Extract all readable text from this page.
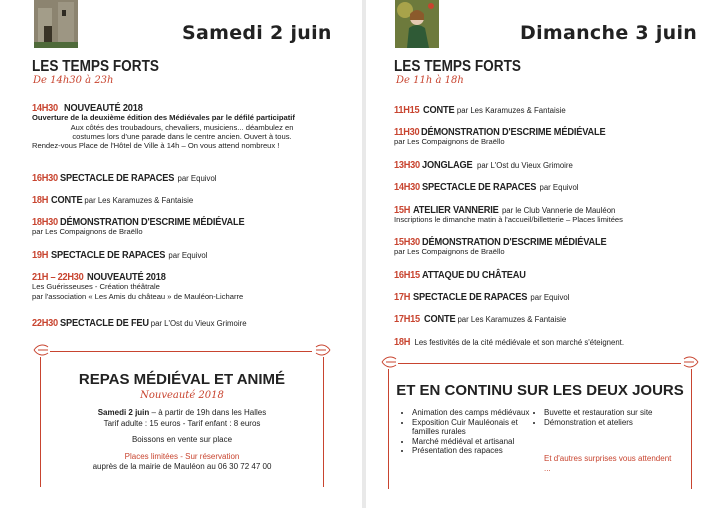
Samedi 2 juin
LES TEMPS FORTS
De 14h30 à 23h
14H30 NOUVEAUTÉ 2018
Ouverture de la deuxième édition des Médiévales par le défilé participatif
Aux côtés des troubadours, chevaliers, musiciens... déambulez en
costumes lors d'une parade dans le centre ancien. Ouvert à tous.
Rendez-vous Place de l'Hôtel de Ville à 14h – On vous attend nombreux !
16H30 SPECTACLE DE RAPACES par Equivol
18H CONTE par Les Karamuzes & Fantaisie
18H30 DÉMONSTRATION D'ESCRIME MÉDIÉVALE
par Les Compaignons de Braëllo
19H SPECTACLE DE RAPACES par Equivol
21H – 22H30 NOUVEAUTÉ 2018
Les Guérisseuses - Création théâtrale
par l'association « Les Amis du château » de Mauléon-Licharre
22H30 SPECTACLE DE FEU par L'Ost du Vieux Grimoire
REPAS MÉDIÉVAL ET ANIMÉ
Nouveauté 2018
Samedi 2 juin – à partir de 19h dans les Halles
Tarif adulte : 15 euros - Tarif enfant : 8 euros
Boissons en vente sur place
Places limitées - Sur réservation
auprès de la mairie de Mauléon au 06 30 72 47 00
Dimanche 3 juin
LES TEMPS FORTS
De 11h à 18h
11H15 CONTE par Les Karamuzes & Fantaisie
11H30 DÉMONSTRATION D'ESCRIME MÉDIÉVALE
par Les Compaignons de Braëllo
13H30 JONGLAGE par L'Ost du Vieux Grimoire
14H30 SPECTACLE DE RAPACES par Equivol
15H ATELIER VANNERIE par le Club Vannerie de Mauléon
Inscriptions le dimanche matin à l'accueil/billetterie – Places limitées
15H30 DÉMONSTRATION D'ESCRIME MÉDIÉVALE
par Les Compaignons de Braëllo
16H15 ATTAQUE DU CHÂTEAU
17H SPECTACLE DE RAPACES par Equivol
17H15 CONTE par Les Karamuzes & Fantaisie
18H Les festivités de la cité médiévale et son marché s'éteignent.
ET EN CONTINU SUR LES DEUX JOURS
• Animation des camps médiévaux
• Exposition Cuir Mauléonais et familles rurales
• Marché médiéval et artisanal
• Présentation des rapaces
• Buvette et restauration sur site
• Démonstration et ateliers
Et d'autres surprises vous attendent ...
